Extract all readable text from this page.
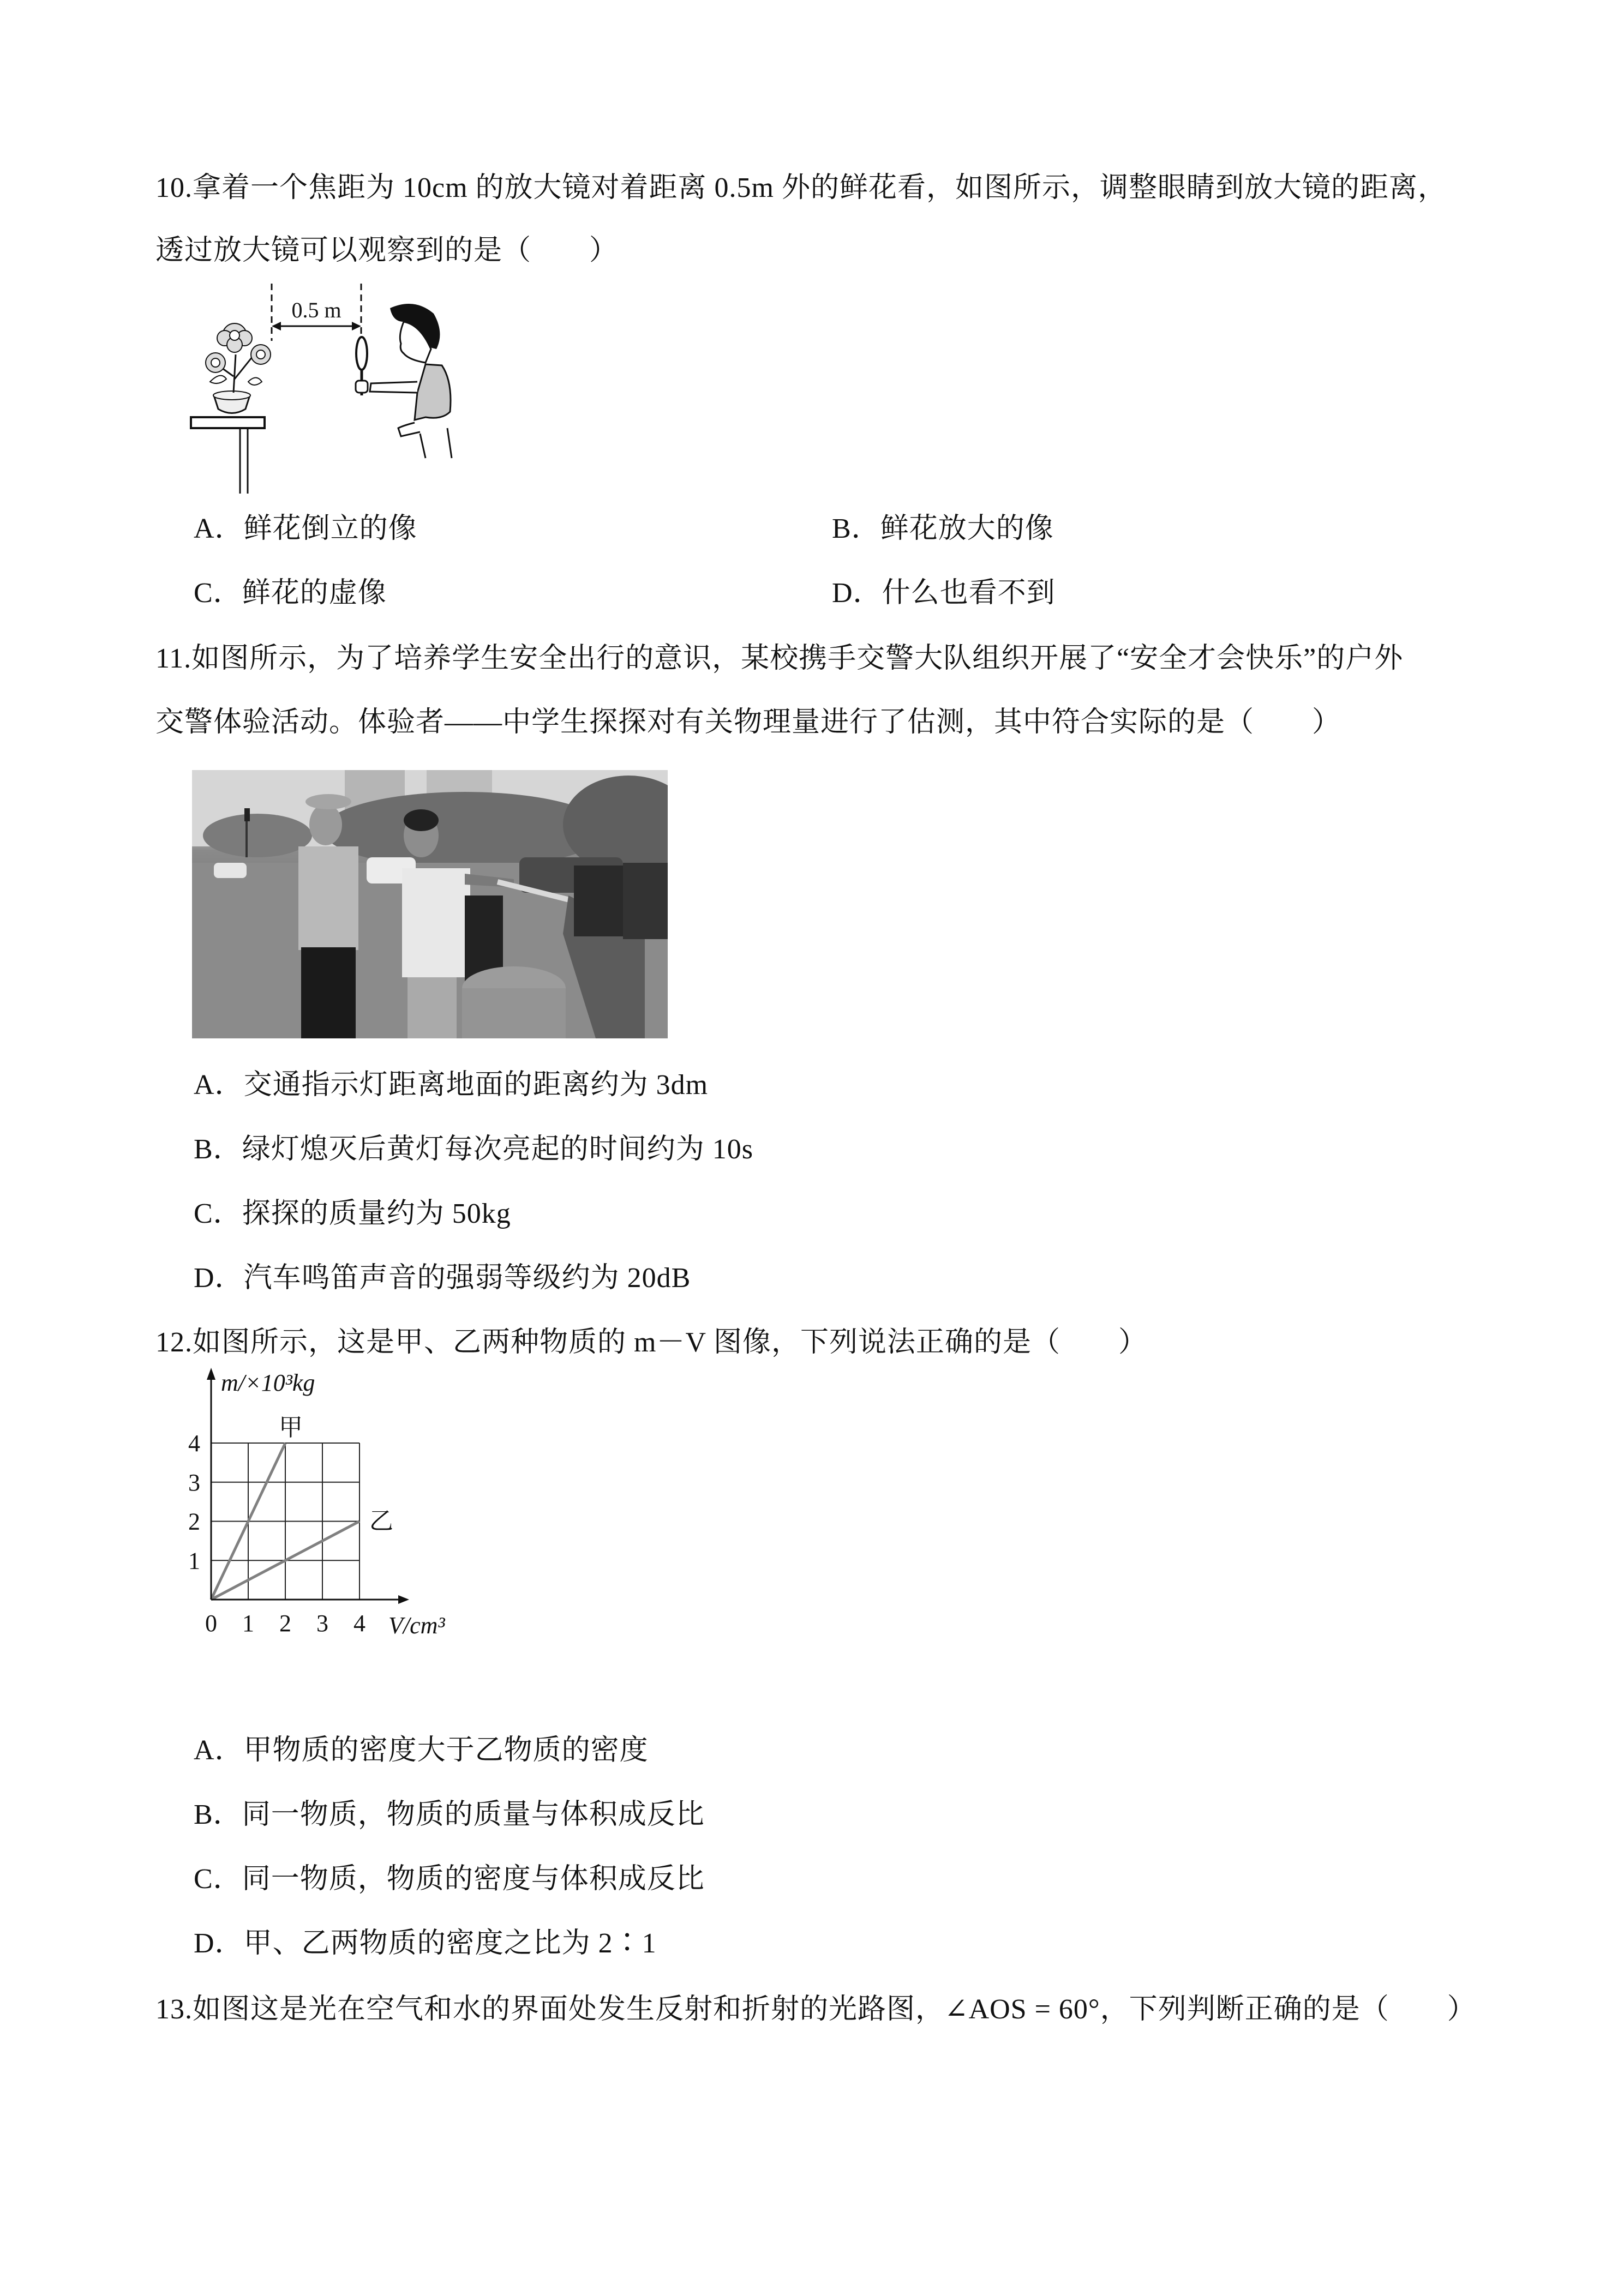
10.拿着一个焦距为 10cm 的放大镜对着距离 0.5m 外的鲜花看，如图所示，调整眼睛到放大镜的距离，
透过放大镜可以观察到的是（　　）
0.5 m
A．鲜花倒立的像	B．鲜花放大的像
C．鲜花的虚像	D．什么也看不到
11.如图所示，为了培养学生安全出行的意识，某校携手交警大队组织开展了“安全才会快乐”的户外
交警体验活动。体验者——中学生探探对有关物理量进行了估测，其中符合实际的是（　　）
A．交通指示灯距离地面的距离约为 3dm
B．绿灯熄灭后黄灯每次亮起的时间约为 10s
C．探探的质量约为 50kg
D．汽车鸣笛声音的强弱等级约为 20dB
12.如图所示，这是甲、乙两种物质的 m－V 图像，下列说法正确的是（　　）
m/×10³kg
V/cm³
0 1 2 3 4
1
2
3
4
甲
乙
A．甲物质的密度大于乙物质的密度
B．同一物质，物质的质量与体积成反比
C．同一物质，物质的密度与体积成反比
D．甲、乙两物质的密度之比为 2∶1
13.如图这是光在空气和水的界面处发生反射和折射的光路图，∠AOS = 60°，下列判断正确的是（　　）
